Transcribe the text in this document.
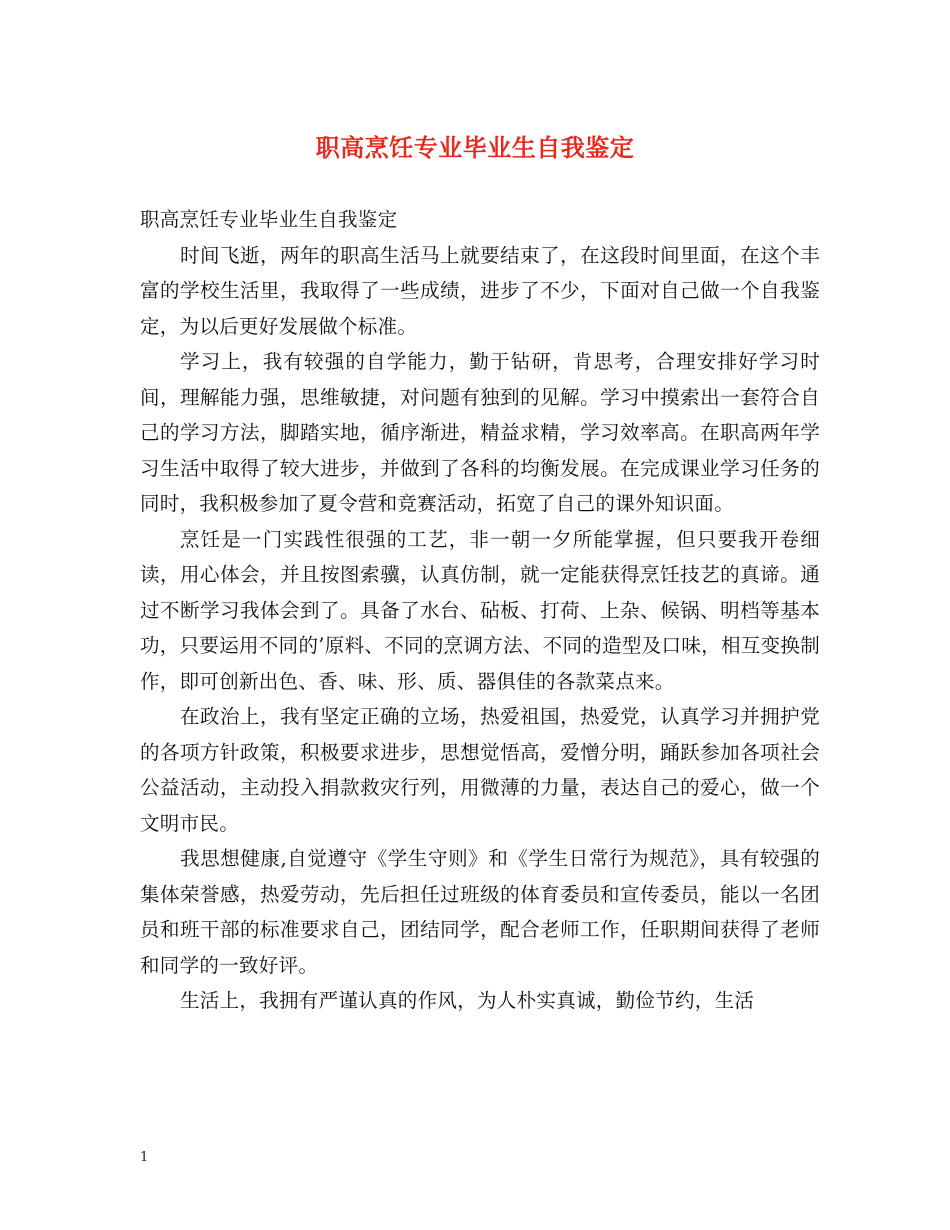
职高烹饪专业毕业生自我鉴定

职高烹饪专业毕业生自我鉴定

时间飞逝，两年的职高生活马上就要结束了，在这段时间里面，在这个丰富的学校生活里，我取得了一些成绩，进步了不少，下面对自己做一个自我鉴定，为以后更好发展做个标准。

学习上，我有较强的自学能力，勤于钻研，肯思考，合理安排好学习时间，理解能力强，思维敏捷，对问题有独到的见解。学习中摸索出一套符合自己的学习方法，脚踏实地，循序渐进，精益求精，学习效率高。在职高两年学习生活中取得了较大进步，并做到了各科的均衡发展。在完成课业学习任务的同时，我积极参加了夏令营和竞赛活动，拓宽了自己的课外知识面。

烹饪是一门实践性很强的工艺，非一朝一夕所能掌握，但只要我开卷细读，用心体会，并且按图索骥，认真仿制，就一定能获得烹饪技艺的真谛。通过不断学习我体会到了。具备了水台、砧板、打荷、上杂、候锅、明档等基本功，只要运用不同的’原料、不同的烹调方法、不同的造型及口味，相互变换制作，即可创新出色、香、味、形、质、器俱佳的各款菜点来。

在政治上，我有坚定正确的立场，热爱祖国，热爱党，认真学习并拥护党的各项方针政策，积极要求进步，思想觉悟高，爱憎分明，踊跃参加各项社会公益活动，主动投入捐款救灾行列，用微薄的力量，表达自己的爱心，做一个文明市民。

我思想健康,自觉遵守《学生守则》和《学生日常行为规范》，具有较强的集体荣誉感，热爱劳动，先后担任过班级的体育委员和宣传委员，能以一名团员和班干部的标准要求自己，团结同学，配合老师工作，任职期间获得了老师和同学的一致好评。

生活上，我拥有严谨认真的作风，为人朴实真诚，勤俭节约，生活

1
